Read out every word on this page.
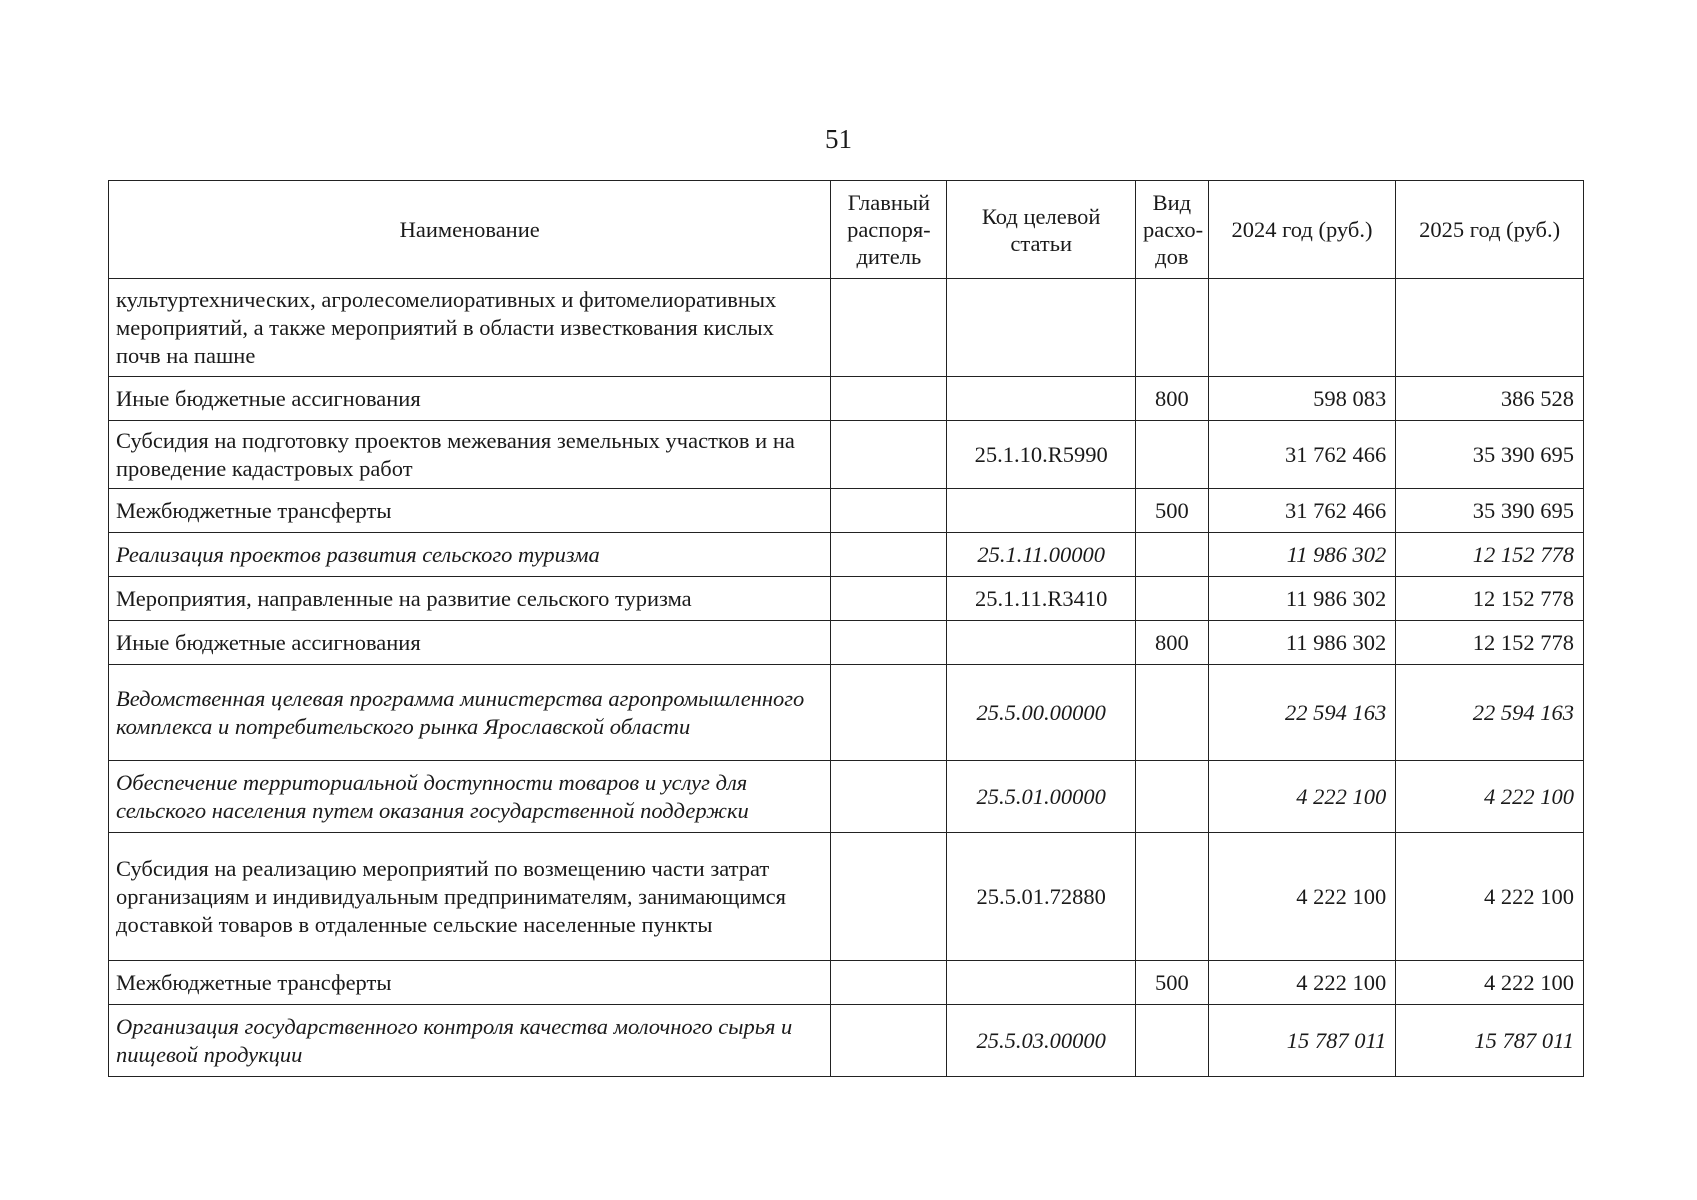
51
Наименование	Главный распоря-дитель	Код целевой статьи	Вид расхо-дов	2024 год (руб.)	2025 год (руб.)
культуртехнических, агролесомелиоративных и фитомелиоративных мероприятий, а также мероприятий в области известкования кислых почв на пашне					
Иные бюджетные ассигнования			800	598 083	386 528
Субсидия на подготовку проектов межевания земельных участков и на проведение кадастровых работ		25.1.10.R5990		31 762 466	35 390 695
Межбюджетные трансферты			500	31 762 466	35 390 695
Реализация проектов развития сельского туризма		25.1.11.00000		11 986 302	12 152 778
Мероприятия, направленные на развитие сельского туризма		25.1.11.R3410		11 986 302	12 152 778
Иные бюджетные ассигнования			800	11 986 302	12 152 778
Ведомственная целевая программа министерства агропромышленного комплекса и потребительского рынка Ярославской области		25.5.00.00000		22 594 163	22 594 163
Обеспечение территориальной доступности товаров и услуг для сельского населения путем оказания государственной поддержки		25.5.01.00000		4 222 100	4 222 100
Субсидия на реализацию мероприятий по возмещению части затрат организациям и индивидуальным предпринимателям, занимающимся доставкой товаров в отдаленные сельские населенные пункты		25.5.01.72880		4 222 100	4 222 100
Межбюджетные трансферты			500	4 222 100	4 222 100
Организация государственного контроля качества молочного сырья и пищевой продукции		25.5.03.00000		15 787 011	15 787 011
